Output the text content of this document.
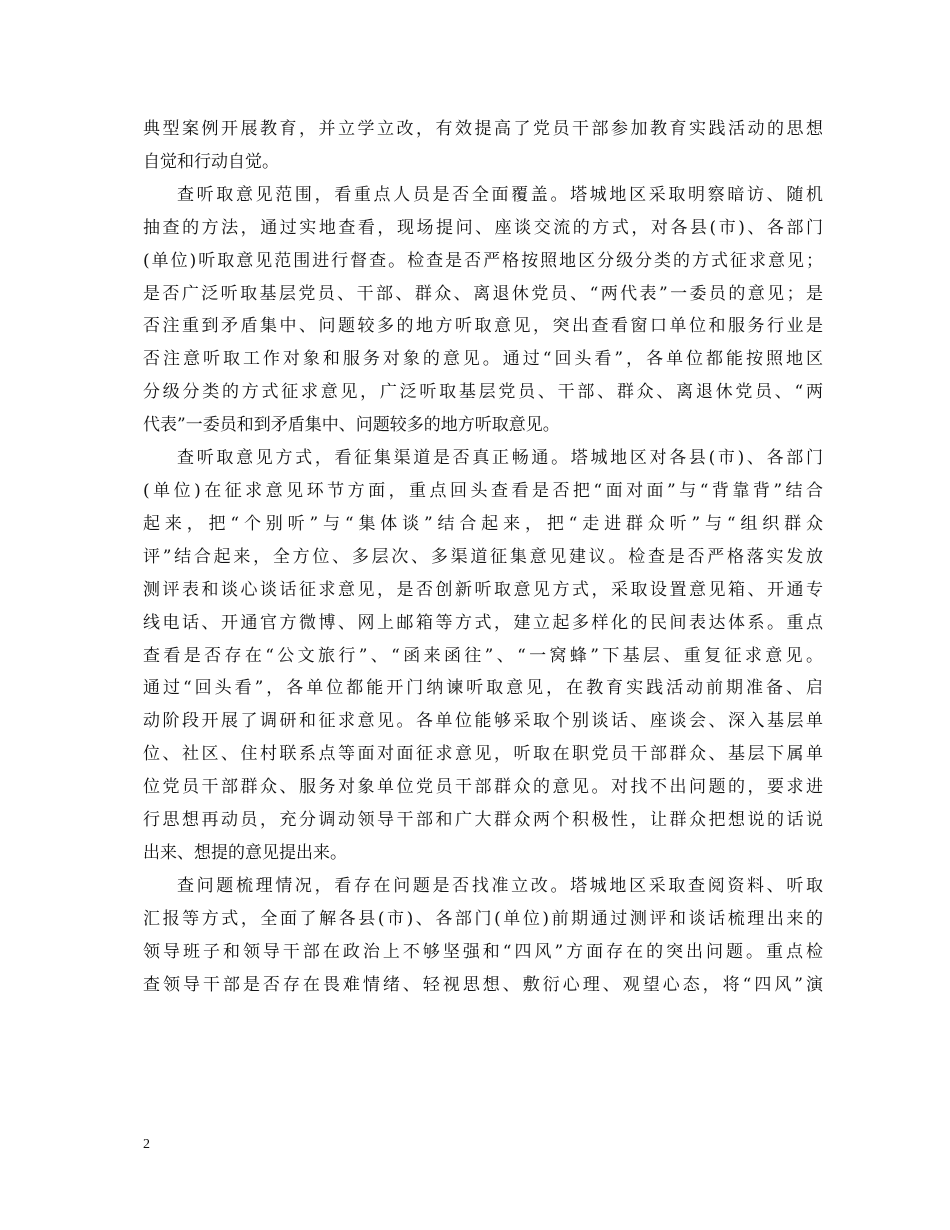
典型案例开展教育，并立学立改，有效提高了党员干部参加教育实践活动的思想
自觉和行动自觉。

查听取意见范围，看重点人员是否全面覆盖。塔城地区采取明察暗访、随机
抽查的方法，通过实地查看，现场提问、座谈交流的方式，对各县(市)、各部门
(单位)听取意见范围进行督查。检查是否严格按照地区分级分类的方式征求意见；
是否广泛听取基层党员、干部、群众、离退休党员、“两代表”一委员的意见；是
否注重到矛盾集中、问题较多的地方听取意见，突出查看窗口单位和服务行业是
否注意听取工作对象和服务对象的意见。通过“回头看”，各单位都能按照地区
分级分类的方式征求意见，广泛听取基层党员、干部、群众、离退休党员、“两
代表”一委员和到矛盾集中、问题较多的地方听取意见。

查听取意见方式，看征集渠道是否真正畅通。塔城地区对各县(市)、各部门
(单位)在征求意见环节方面，重点回头查看是否把“面对面”与“背靠背”结合
起来，把“个别听”与“集体谈”结合起来，把“走进群众听”与“组织群众
评”结合起来，全方位、多层次、多渠道征集意见建议。检查是否严格落实发放
测评表和谈心谈话征求意见，是否创新听取意见方式，采取设置意见箱、开通专
线电话、开通官方微博、网上邮箱等方式，建立起多样化的民间表达体系。重点
查看是否存在“公文旅行”、“函来函往”、“一窝蜂”下基层、重复征求意见。
通过“回头看”，各单位都能开门纳谏听取意见，在教育实践活动前期准备、启
动阶段开展了调研和征求意见。各单位能够采取个别谈话、座谈会、深入基层单
位、社区、住村联系点等面对面征求意见，听取在职党员干部群众、基层下属单
位党员干部群众、服务对象单位党员干部群众的意见。对找不出问题的，要求进
行思想再动员，充分调动领导干部和广大群众两个积极性，让群众把想说的话说
出来、想提的意见提出来。

查问题梳理情况，看存在问题是否找准立改。塔城地区采取查阅资料、听取
汇报等方式，全面了解各县(市)、各部门(单位)前期通过测评和谈话梳理出来的
领导班子和领导干部在政治上不够坚强和“四风”方面存在的突出问题。重点检
查领导干部是否存在畏难情绪、轻视思想、敷衍心理、观望心态，将“四风”演

2
